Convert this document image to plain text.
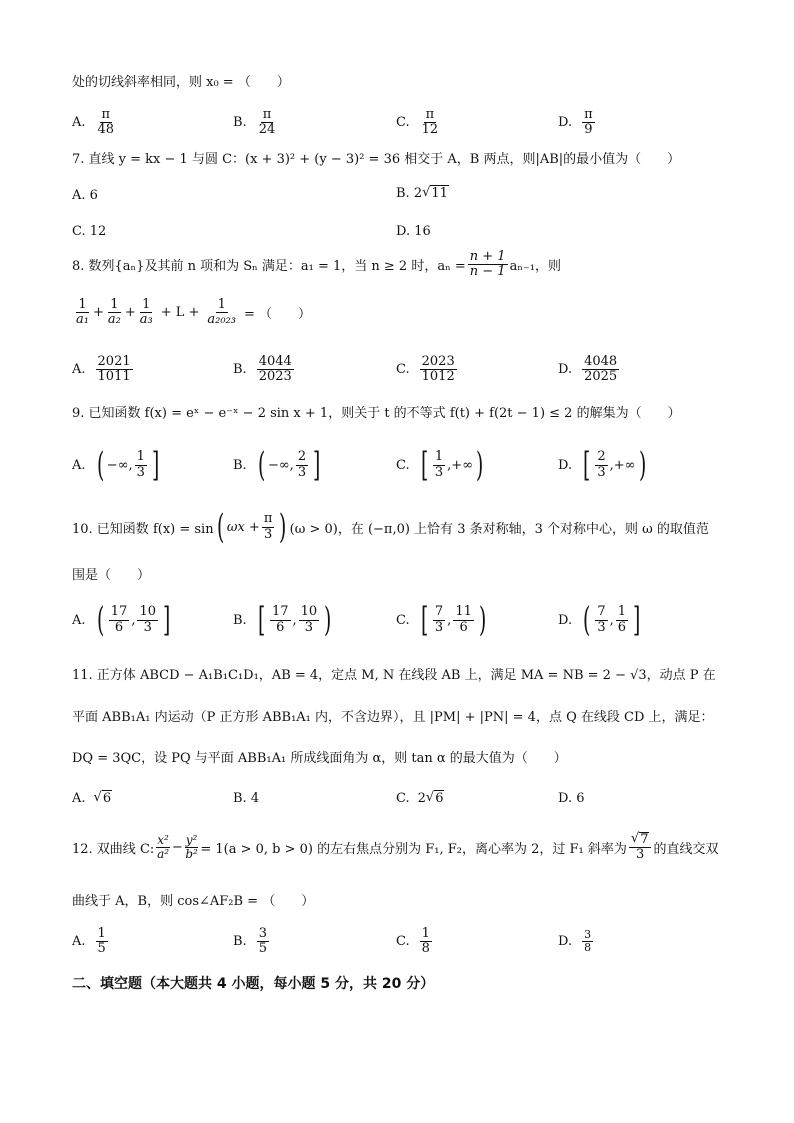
处的切线斜率相同，则 x₀ = （　　）
A. $\frac{\pi}{48}$	B. $\frac{\pi}{24}$	C. $\frac{\pi}{12}$	D. $\frac{\pi}{9}$
7. 直线 y = kx − 1 与圆 C：(x + 3)² + (y − 3)² = 36 相交于 A，B 两点，则|AB|的最小值为（　　）
A. 6	B. 2 √ 11
C. 12	D. 16
8. 数列{aₙ}及其前 n 项和为 Sₙ 满足：a₁ = 1，当 n ≥ 2 时，$a_n = \frac{n + 1}{n - 1} a_{n-1}$，则
$\frac{1}{\text{a₁}} + \frac{1}{\text{a₂}} + \frac{1}{\text{a₃}} + L + \frac{1}{\text{a₂₀₂₃}}$ = （　　）
A. $\frac{2021}{1011}$	B. $\frac{4044}{2023}$	C. $\frac{2023}{1012}$	D. $\frac{4048}{2025}$
9. 已知函数 f(x) = eˣ − e⁻ˣ − 2 sin x + 1，则关于 t 的不等式 f(t) + f(2t − 1) ≤ 2 的解集为（　　）
A. ( −∞, $\frac{1}{3}$ ]	B. ( −∞, $\frac{2}{3}$ ]	C. [ $\frac{1}{3}$ ,+∞ )	D. [ $\frac{2}{3}$ ,+∞ )
10. 已知函数 f(x) = sin ( $\omega x + \frac{\pi}{3}$ ) (ω > 0)，在 (−π,0) 上恰有 3 条对称轴，3 个对称中心，则 ω 的取值范
围是（　　）
A. ( $\frac{17}{6}$ , $\frac{10}{3}$ ]	B. [ $\frac{17}{6}$ , $\frac{10}{3}$ )	C. [ $\frac{7}{3}$ , $\frac{11}{6}$ )	D. ( $\frac{7}{3}$ , $\frac{1}{6}$ ]
11. 正方体 ABCD − A₁B₁C₁D₁，AB = 4，定点 M, N 在线段 AB 上，满足 MA = NB = 2 − √3，动点 P 在
平面 ABB₁A₁ 内运动（P 正方形 ABB₁A₁ 内，不含边界），且 |PM| + |PN| = 4，点 Q 在线段 CD 上，满足：
DQ = 3QC，设 PQ 与平面 ABB₁A₁ 所成线面角为 α，则 tan α 的最大值为（　　）
A. √ 6	B. 4	C. 2 √ 6	D. 6
12. 双曲线 C: $\frac{\text{x²}}{\text{a²}} - \frac{\text{y²}}{\text{b²}} = 1(a > 0$, b > 0) 的左右焦点分别为 F₁, F₂，离心率为 2，过 F₁ 斜率为 $\frac{√ 7}{3}$ 的直线交双
曲线于 A，B，则 cos∠AF₂B = （　　）
A. $\frac{1}{5}$	B. $\frac{3}{5}$	C. $\frac{1}{8}$	D. $\frac{3}{8}$
二、填空题（本大题共 4 小题，每小题 5 分，共 20 分）
